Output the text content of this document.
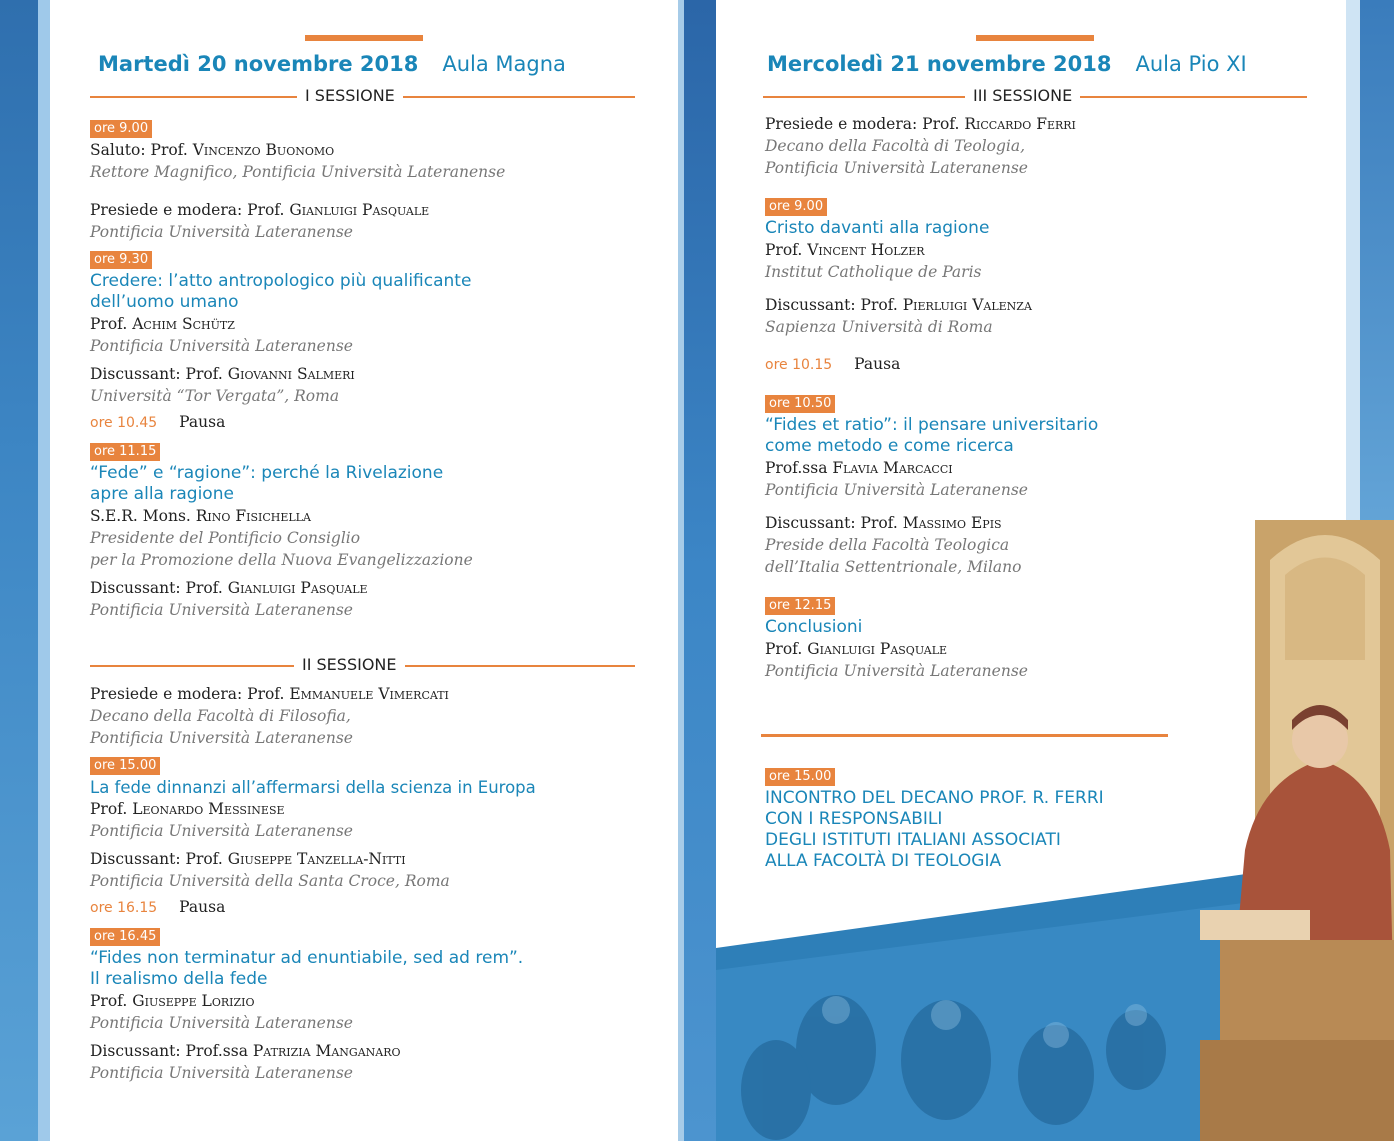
Martedì 20 novembre 2018 Aula Magna
I SESSIONE
ore 9.00
Saluto: Prof. Vincenzo Buonomo
Rettore Magnifico, Pontificia Università Lateranense
Presiede e modera: Prof. Gianluigi Pasquale
Pontificia Università Lateranense
ore 9.30
Credere: l’atto antropologico più qualificante
dell’uomo umano
Prof. Achim Schütz
Pontificia Università Lateranense
Discussant: Prof. Giovanni Salmeri
Università “Tor Vergata”, Roma
ore 10.45 Pausa
ore 11.15
“Fede” e “ragione”: perché la Rivelazione
apre alla ragione
S.E.R. Mons. Rino Fisichella
Presidente del Pontificio Consiglio
per la Promozione della Nuova Evangelizzazione
Discussant: Prof. Gianluigi Pasquale
Pontificia Università Lateranense
II SESSIONE
Presiede e modera: Prof. Emmanuele Vimercati
Decano della Facoltà di Filosofia,
Pontificia Università Lateranense
ore 15.00
La fede dinnanzi all’affermarsi della scienza in Europa
Prof. Leonardo Messinese
Pontificia Università Lateranense
Discussant: Prof. Giuseppe Tanzella-Nitti
Pontificia Università della Santa Croce, Roma
ore 16.15 Pausa
ore 16.45
“Fides non terminatur ad enuntiabile, sed ad rem”.
Il realismo della fede
Prof. Giuseppe Lorizio
Pontificia Università Lateranense
Discussant: Prof.ssa Patrizia Manganaro
Pontificia Università Lateranense
Mercoledì 21 novembre 2018 Aula Pio XI
III SESSIONE
Presiede e modera: Prof. Riccardo Ferri
Decano della Facoltà di Teologia,
Pontificia Università Lateranense
ore 9.00
Cristo davanti alla ragione
Prof. Vincent Holzer
Institut Catholique de Paris
Discussant: Prof. Pierluigi Valenza
Sapienza Università di Roma
ore 10.15 Pausa
ore 10.50
“Fides et ratio”: il pensare universitario
come metodo e come ricerca
Prof.ssa Flavia Marcacci
Pontificia Università Lateranense
Discussant: Prof. Massimo Epis
Preside della Facoltà Teologica
dell’Italia Settentrionale, Milano
ore 12.15
Conclusioni
Prof. Gianluigi Pasquale
Pontificia Università Lateranense
ore 15.00
INCONTRO DEL DECANO PROF. R. FERRI
CON I RESPONSABILI
DEGLI ISTITUTI ITALIANI ASSOCIATI
ALLA FACOLTÀ DI TEOLOGIA
